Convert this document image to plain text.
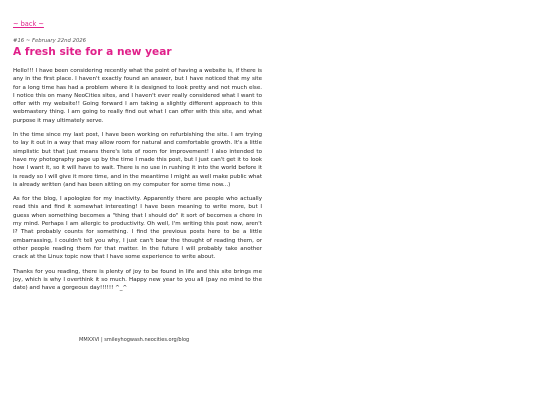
~ back ~
#16 ~ February 22nd 2026
A fresh site for a new year

Hello!!! I have been considering recently what the point of having a website is, if there is any in the first place. I haven't exactly found an answer, but I have noticed that my site for a long time has had a problem where it is designed to look pretty and not much else. I notice this on many NeoCities sites, and I haven't ever really considered what I want to offer with my website!! Going forward I am taking a slightly different approach to this webmastery thing. I am going to really find out what I can offer with this site, and what purpose it may ultimately serve.

In the time since my last post, I have been working on refurbishing the site. I am trying to lay it out in a way that may allow room for natural and comfortable growth. It's a little simplistic but that just means there's lots of room for improvement! I also intended to have my photography page up by the time I made this post, but I just can't get it to look how I want it, so it will have to wait. There is no use in rushing it into the world before it is ready so I will give it more time, and in the meantime I might as well make public what is already written (and has been sitting on my computer for some time now...)

As for the blog, I apologize for my inactivity. Apparently there are people who actually read this and find it somewhat interesting! I have been meaning to write more, but I guess when something becomes a "thing that I should do" it sort of becomes a chore in my mind. Perhaps I am allergic to productivity. Oh well, I'm writing this post now, aren't I? That probably counts for something. I find the previous posts here to be a little embarrassing, I couldn't tell you why, I just can't bear the thought of reading them, or other people reading them for that matter. In the future I will probably take another crack at the Linux topic now that I have some experience to write about.

Thanks for you reading, there is plenty of joy to be found in life and this site brings me joy, which is why I overthink it so much. Happy new year to you all (pay no mind to the date) and have a gorgeous day!!!!!! ^_^

MMXXVI | smileyhogwash.neocities.org/blog
